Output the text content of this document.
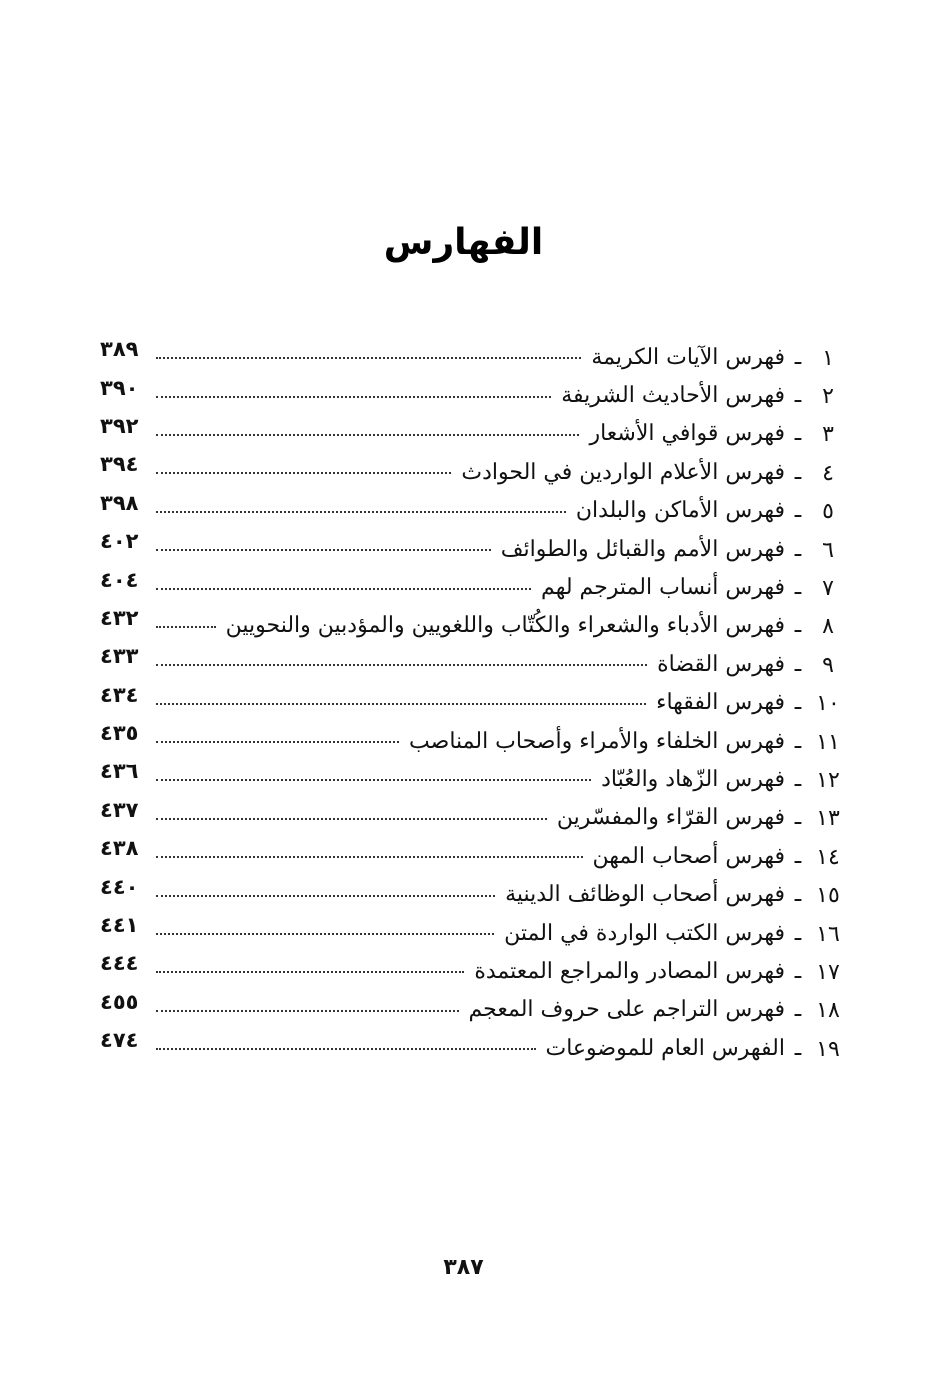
الفهارس
٣٨٩	فهرس الآيات الكريمة ـ ١
٣٩٠	فهرس الأحاديث الشريفة ـ ٢
٣٩٢	فهرس قوافي الأشعار ـ ٣
٣٩٤	فهرس الأعلام الواردين في الحوادث ـ ٤
٣٩٨	فهرس الأماكن والبلدان ـ ٥
٤٠٢	فهرس الأمم والقبائل والطوائف ـ ٦
٤٠٤	فهرس أنساب المترجم لهم ـ ٧
٤٣٢	فهرس الأدباء والشعراء والكُتّاب واللغويين والمؤدبين والنحويين ـ ٨
٤٣٣	فهرس القضاة ـ ٩
٤٣٤	فهرس الفقهاء ـ ١٠
٤٣٥	فهرس الخلفاء والأمراء وأصحاب المناصب ـ ١١
٤٣٦	فهرس الزّهاد والعُبّاد ـ ١٢
٤٣٧	فهرس القرّاء والمفسّرين ـ ١٣
٤٣٨	فهرس أصحاب المهن ـ ١٤
٤٤٠	فهرس أصحاب الوظائف الدينية ـ ١٥
٤٤١	فهرس الكتب الواردة في المتن ـ ١٦
٤٤٤	فهرس المصادر والمراجع المعتمدة ـ ١٧
٤٥٥	فهرس التراجم على حروف المعجم ـ ١٨
٤٧٤	الفهرس العام للموضوعات ـ ١٩
٣٨٧
